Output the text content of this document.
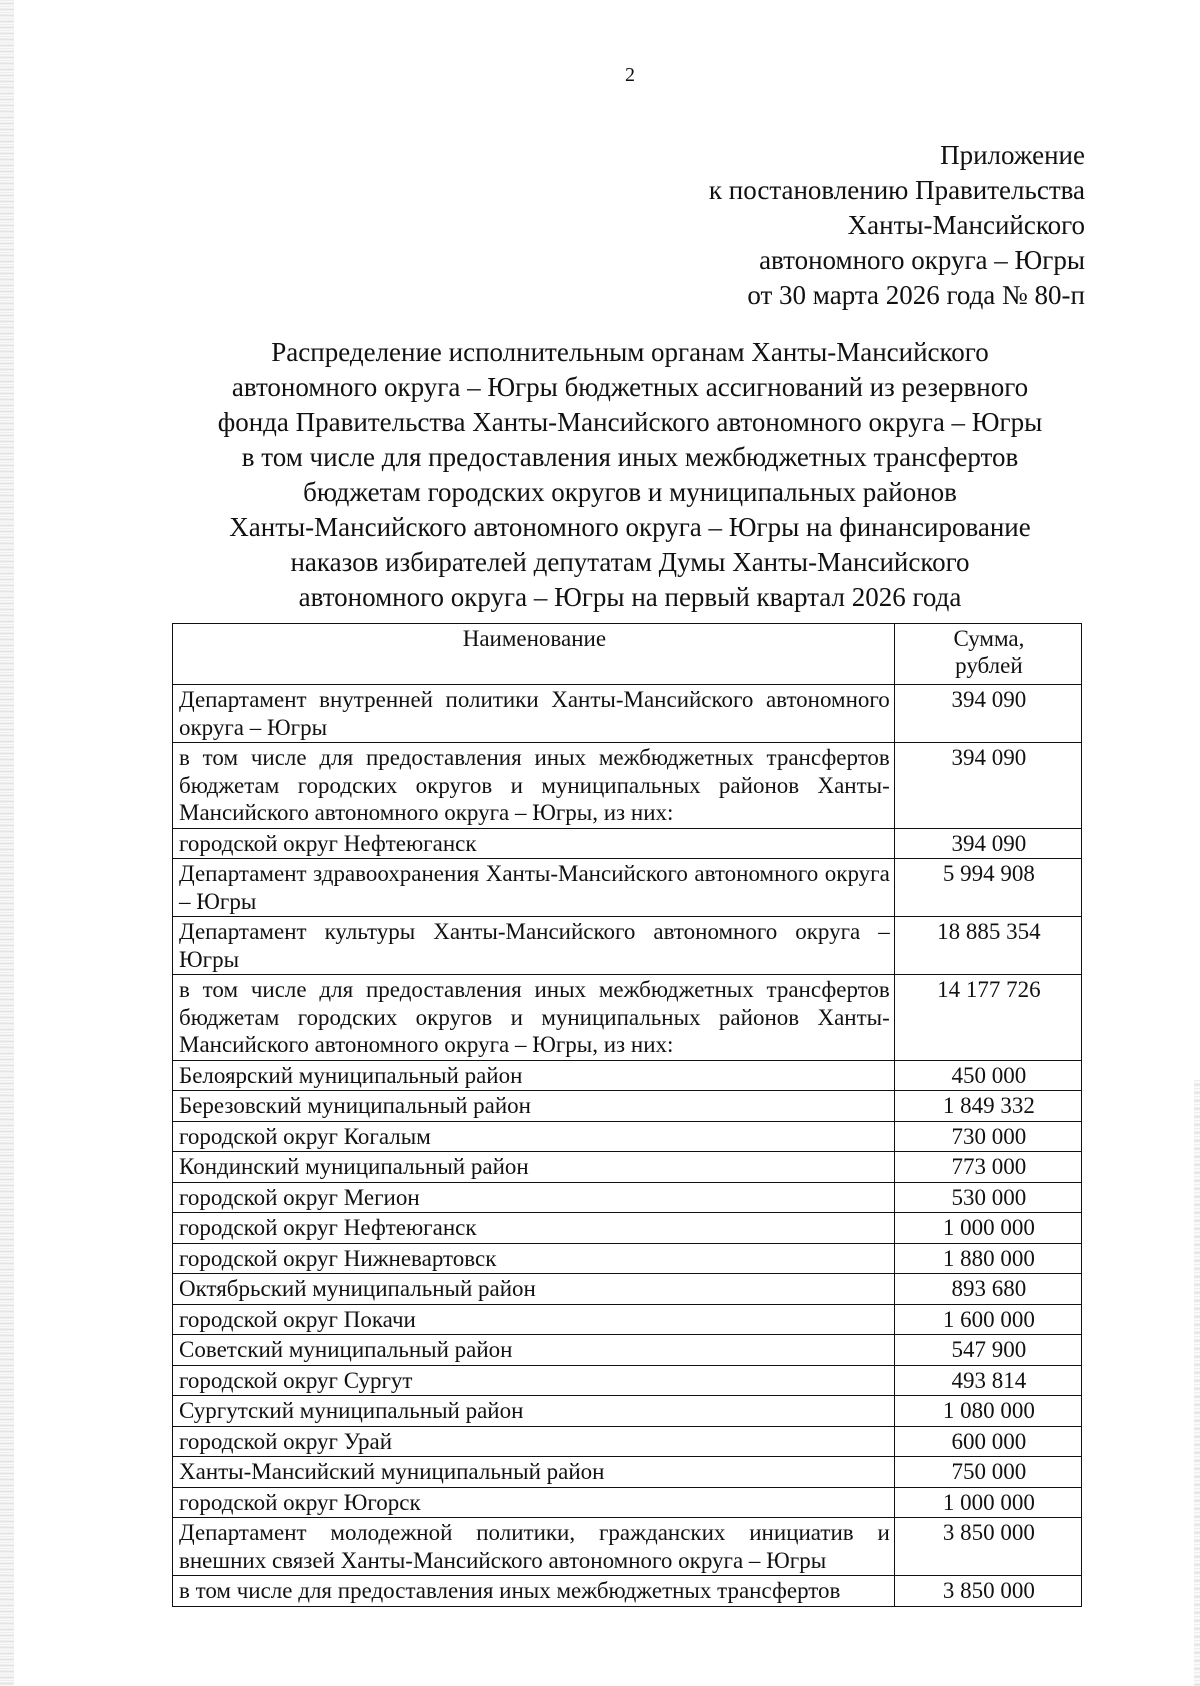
2
Приложение
к постановлению Правительства
Ханты-Мансийского
автономного округа – Югры
от 30 марта 2026 года № 80-п
Распределение исполнительным органам Ханты-Мансийского
автономного округа – Югры бюджетных ассигнований из резервного
фонда Правительства Ханты-Мансийского автономного округа – Югры
в том числе для предоставления иных межбюджетных трансфертов
бюджетам городских округов и муниципальных районов
Ханты-Мансийского автономного округа – Югры на финансирование
наказов избирателей депутатам Думы Ханты-Мансийского
автономного округа – Югры на первый квартал 2026 года
Наименование	Сумма,
рублей

Департамент внутренней политики Ханты-Мансийского автономного округа – Югры	394 090
в том числе для предоставления иных межбюджетных трансфертов бюджетам городских округов и муниципальных районов Ханты-Мансийского автономного округа – Югры, из них:	394 090
городской округ Нефтеюганск	394 090
Департамент здравоохранения Ханты-Мансийского автономного округа – Югры	5 994 908
Департамент культуры Ханты-Мансийского автономного округа – Югры	18 885 354
в том числе для предоставления иных межбюджетных трансфертов бюджетам городских округов и муниципальных районов Ханты-Мансийского автономного округа – Югры, из них:	14 177 726
Белоярский муниципальный район	450 000
Березовский муниципальный район	1 849 332
городской округ Когалым	730 000
Кондинский муниципальный район	773 000
городской округ Мегион	530 000
городской округ Нефтеюганск	1 000 000
городской округ Нижневартовск	1 880 000
Октябрьский муниципальный район	893 680
городской округ Покачи	1 600 000
Советский муниципальный район	547 900
городской округ Сургут	493 814
Сургутский муниципальный район	1 080 000
городской округ Урай	600 000
Ханты-Мансийский муниципальный район	750 000
городской округ Югорск	1 000 000
Департамент молодежной политики, гражданских инициатив и внешних связей Ханты-Мансийского автономного округа – Югры	3 850 000
в том числе для предоставления иных межбюджетных трансфертов	3 850 000
